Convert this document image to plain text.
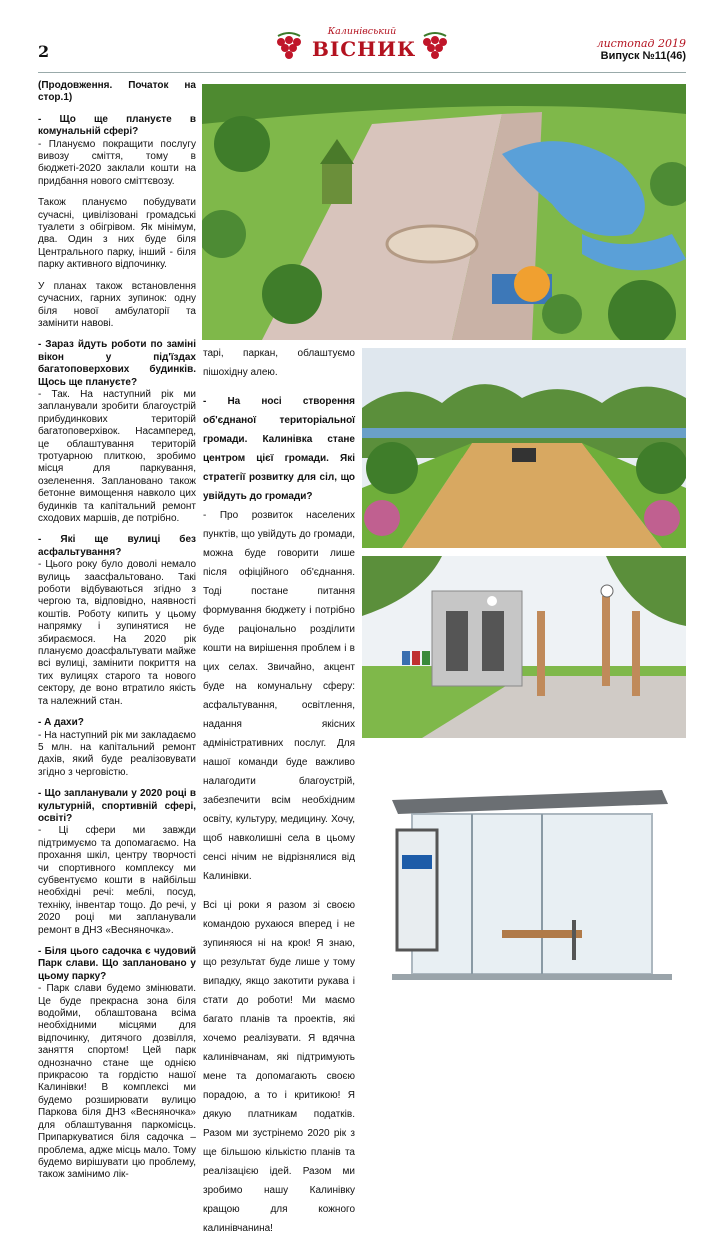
2
Калинівський
ВІСНИК	листопад 2019
Випуск №11(46)

(Продовження. Початок на стор.1)

- Що ще плануєте в комунальній сфері?

- Плануємо покращити послугу вивозу сміття, тому в бюджеті-2020 заклали кошти на придбання нового сміттєвозу.

Також плануємо побудувати сучасні, цивілізовані громадські туалети з обігрівом. Як мінімум, два. Один з них буде біля Центрального парку, інший - біля парку активного відпочинку.

У планах також встановлення сучасних, гарних зупинок: одну біля нової амбулаторії та замінити навові.

- Зараз йдуть роботи по заміні вікон у під'їздах багатоповерхових будинків. Щось ще плануєте?

- Так. На наступний рік ми запланували зробити благоустрій прибудинкових територій багатоповерхівок. Насамперед, це облаштування територій тротуарною плиткою, зробимо місця для паркування, озеленення. Заплановано також бетонне вимощення навколо цих будинків та капітальний ремонт сходових маршів, де потрібно.

- Які ще вулиці без асфальтування?

- Цього року було доволі немало вулиць заасфальтовано. Такі роботи відбуваються згідно з чергою та, відповідно, наявності коштів. Роботу кипить у цьому напрямку і зупинятися не збираємося. На 2020 рік плануємо доасфальтувати майже всі вулиці, замінити покриття на тих вулицях старого та нового сектору, де воно втратило якість та належний стан.

- А дахи?

- На наступний рік ми закладаємо 5 млн. на капітальний ремонт дахів, який буде реалізовувати згідно з черговістю.

- Що запланували у 2020 році в культурній, спортивній сфері, освіті?

- Ці сфери ми завжди підтримуємо та допомагаємо. На прохання шкіл, центру творчості чи спортивного комплексу ми субвентуємо кошти в найбільш необхідні речі: меблі, посуд, техніку, інвентар тощо. До речі, у 2020 році ми запланували ремонт в ДНЗ «Весняночка».

- Біля цього садочка є чудовий Парк слави. Що заплановано у цьому парку?

- Парк слави будемо змінювати. Це буде прекрасна зона біля водойми, облаштована всіма необхідними місцями для відпочинку, дитячого дозвілля, заняття спортом! Цей парк однозначно стане ще однією прикрасою та гордістю нашої Калинівки! В комплексі ми будемо розширювати вулицю Паркова біля ДНЗ «Весняночка» для облаштування паркомісць. Припаркуватися біля садочка – проблема, адже місць мало. Тому будемо вирішувати цю проблему, також замінимо лік-

тарі, паркан, облаштуємо пішохідну алею.

- На носі створення об'єднаної територіальної громади. Калинівка стане центром цієї громади. Які стратегії розвитку для сіл, що увійдуть до громади?

- Про розвиток населених пунктів, що увійдуть до громади, можна буде говорити лише після офіційного об'єднання. Тоді постане питання формування бюджету і потрібно буде раціонально розділити кошти на вирішення проблем і в цих селах. Звичайно, акцент буде на комунальну сферу: асфальтування, освітлення, надання якісних адміністративних послуг. Для нашої команди буде важливо налагодити благоустрій, забезпечити всім необхідним освіту, культуру, медицину. Хочу, щоб навколишні села в цьому сенсі нічим не відрізнялися від Калинівки.

Всі ці роки я разом зі своєю командою рухаюся вперед і не зупиняюся ні на крок! Я знаю, що результат буде лише у тому випадку, якщо закотити рукава і стати до роботи! Ми маємо багато планів та проектів, які хочемо реалізувати. Я вдячна калинівчанам, які підтримують мене та допомагають своєю порадою, а то і критикою! Я дякую платникам податків. Разом ми зустрінемо 2020 рік з ще більшою кількістю планів та реалізацією ідей. Разом ми зробимо нашу Калинівку кращою для кожного калинівчанина!
